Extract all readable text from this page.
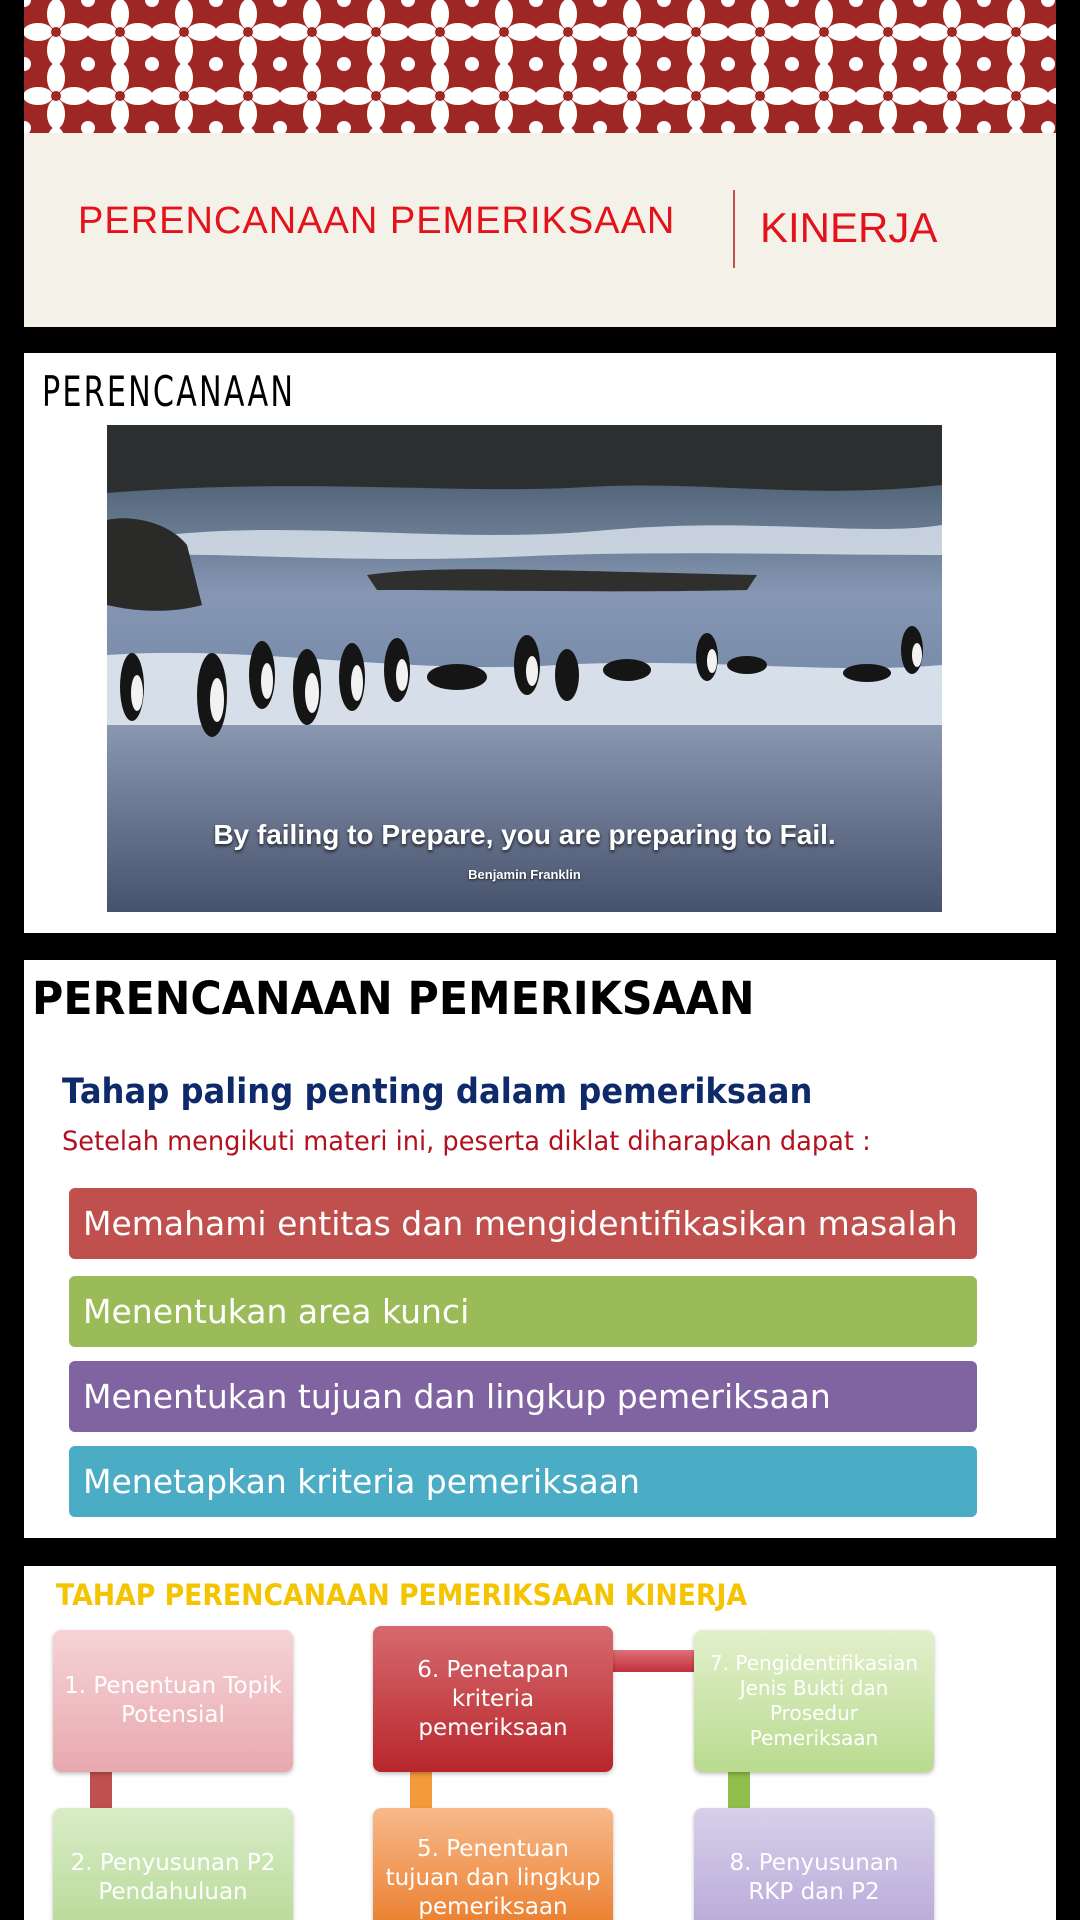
PERENCANAAN PEMERIKSAAN KINERJA
PERENCANAAN
By failing to Prepare, you are preparing to Fail.
Benjamin Franklin
PERENCANAAN PEMERIKSAAN
Tahap paling penting dalam pemeriksaan
Setelah mengikuti materi ini, peserta diklat diharapkan dapat :
Memahami entitas dan mengidentifikasikan masalah
Menentukan area kunci
Menentukan tujuan dan lingkup pemeriksaan
Menetapkan kriteria pemeriksaan
TAHAP PERENCANAAN PEMERIKSAAN KINERJA
1. Penentuan Topik Potensial
6. Penetapan kriteria pemeriksaan
7. Pengidentifikasian Jenis Bukti dan Prosedur Pemeriksaan
2. Penyusunan P2 Pendahuluan
5. Penentuan tujuan dan lingkup pemeriksaan
8. Penyusunan RKP dan P2
